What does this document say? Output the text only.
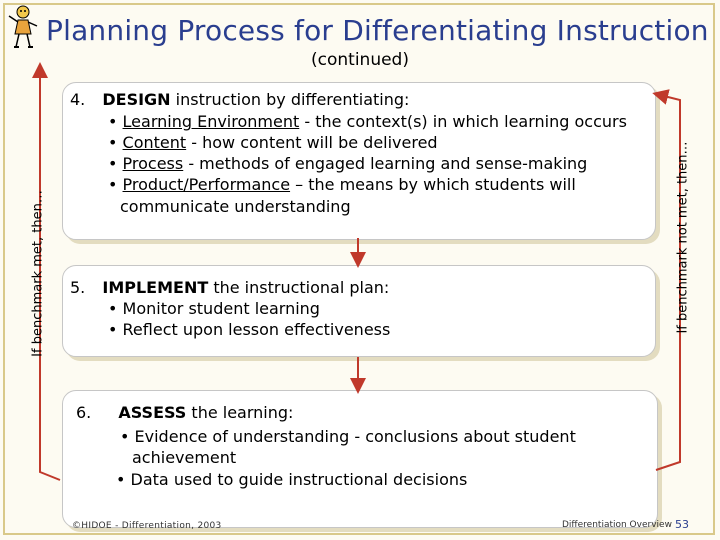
Planning Process for Differentiating Instruction
(continued)
4. DESIGN instruction by differentiating:
• Learning Environment - the context(s) in which learning occurs
• Content - how content will be delivered
• Process - methods of engaged learning and sense-making
• Product/Performance – the means by which students will
communicate understanding
5. IMPLEMENT the instructional plan:
• Monitor student learning
• Reflect upon lesson effectiveness
6. ASSESS the learning:
• Evidence of understanding - conclusions about student
achievement
• Data used to guide instructional decisions
If benchmark met, then…	If benchmark not met, then…
©HIDOE - Differentiation, 2003	Differentiation Overview 53
